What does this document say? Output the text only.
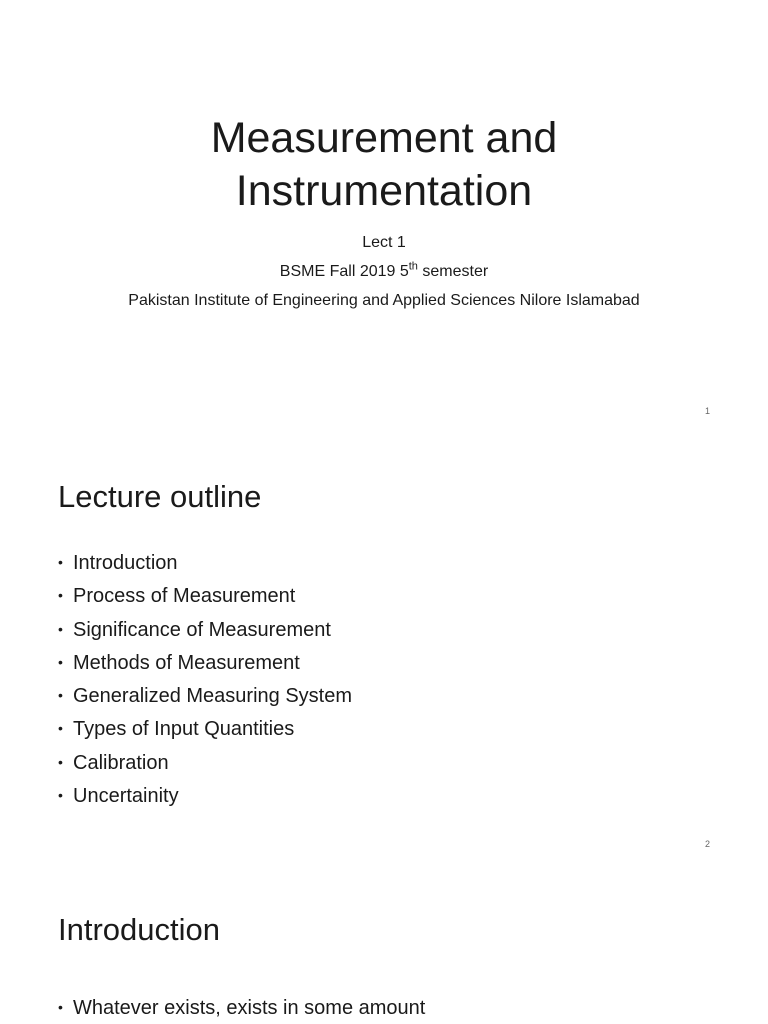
Measurement and
Instrumentation
Lect 1
BSME Fall 2019 5th semester
Pakistan Institute of Engineering and Applied Sciences Nilore Islamabad
1
Lecture outline
• Introduction
• Process of Measurement
• Significance of Measurement
• Methods of Measurement
• Generalized Measuring System
• Types of Input Quantities
• Calibration
• Uncertainity
2
Introduction
• Whatever exists, exists in some amount
